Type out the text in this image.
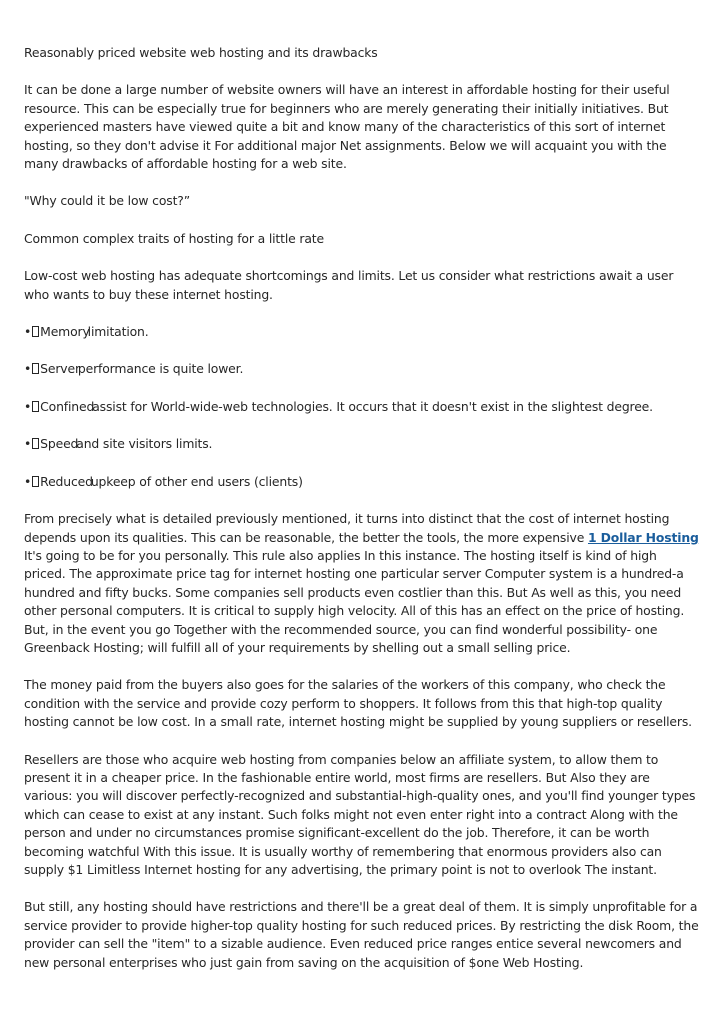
Reasonably priced website web hosting and its drawbacks

It can be done a large number of website owners will have an interest in affordable hosting for their useful resource. This can be especially true for beginners who are merely generating their initially initiatives. But experienced masters have viewed quite a bit and know many of the characteristics of this sort of internet hosting, so they don't advise it For additional major Net assignments. Below we will acquaint you with the many drawbacks of affordable hosting for a web site.

"Why could it be low cost?”

Common complex traits of hosting for a little rate

Low-cost web hosting has adequate shortcomings and limits. Let us consider what restrictions await a user who wants to buy these internet hosting.

• Memorylimitation.
• Serverperformance is quite lower.
• Confinedassist for World-wide-web technologies. It occurs that it doesn't exist in the slightest degree.
• Speedand site visitors limits.
• Reducedupkeep of other end users (clients)

From precisely what is detailed previously mentioned, it turns into distinct that the cost of internet hosting depends upon its qualities. This can be reasonable, the better the tools, the more expensive 1 Dollar Hosting It's going to be for you personally. This rule also applies In this instance. The hosting itself is kind of high priced. The approximate price tag for internet hosting one particular server Computer system is a hundred-a hundred and fifty bucks. Some companies sell products even costlier than this. But As well as this, you need other personal computers. It is critical to supply high velocity. All of this has an effect on the price of hosting. But, in the event you go Together with the recommended source, you can find wonderful possibility- one Greenback Hosting; will fulfill all of your requirements by shelling out a small selling price.

The money paid from the buyers also goes for the salaries of the workers of this company, who check the condition with the service and provide cozy perform to shoppers. It follows from this that high-top quality hosting cannot be low cost. In a small rate, internet hosting might be supplied by young suppliers or resellers.

Resellers are those who acquire web hosting from companies below an affiliate system, to allow them to present it in a cheaper price. In the fashionable entire world, most firms are resellers. But Also they are various: you will discover perfectly-recognized and substantial-high-quality ones, and you'll find younger types which can cease to exist at any instant. Such folks might not even enter right into a contract Along with the person and under no circumstances promise significant-excellent do the job. Therefore, it can be worth becoming watchful With this issue. It is usually worthy of remembering that enormous providers also can supply $1 Limitless Internet hosting for any advertising, the primary point is not to overlook The instant.

But still, any hosting should have restrictions and there'll be a great deal of them. It is simply unprofitable for a service provider to provide higher-top quality hosting for such reduced prices. By restricting the disk Room, the provider can sell the "item" to a sizable audience. Even reduced price ranges entice several newcomers and new personal enterprises who just gain from saving on the acquisition of $one Web Hosting.
